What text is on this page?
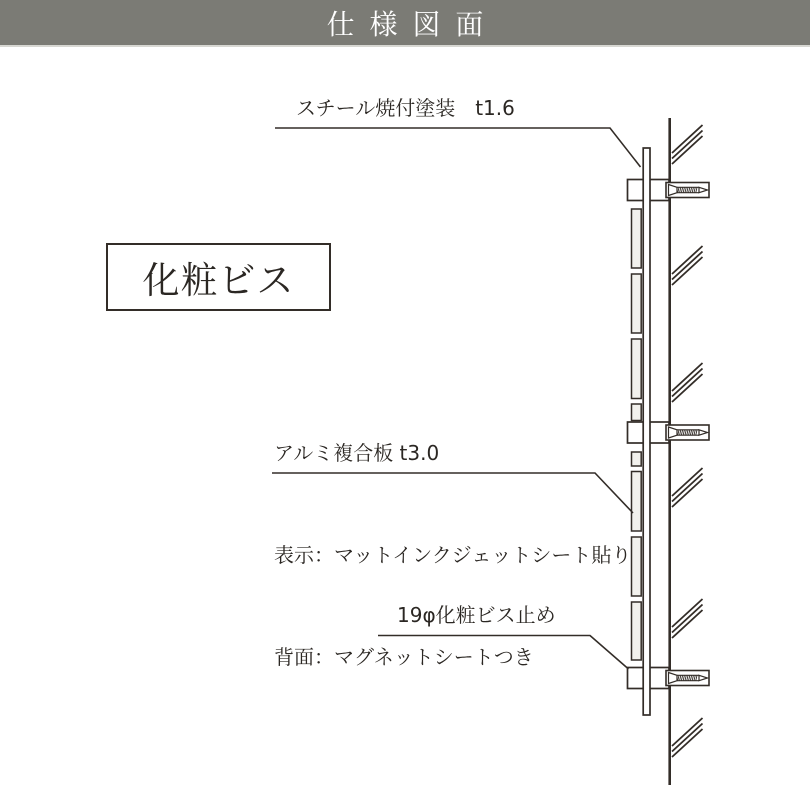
仕 様 図 面
スチール焼付塗装　t1.6
化粧ビス

アルミ複合板 t3.0

表示：マットインクジェットシート貼り

背面：マグネットシートつき

19φ化粧ビス止め
